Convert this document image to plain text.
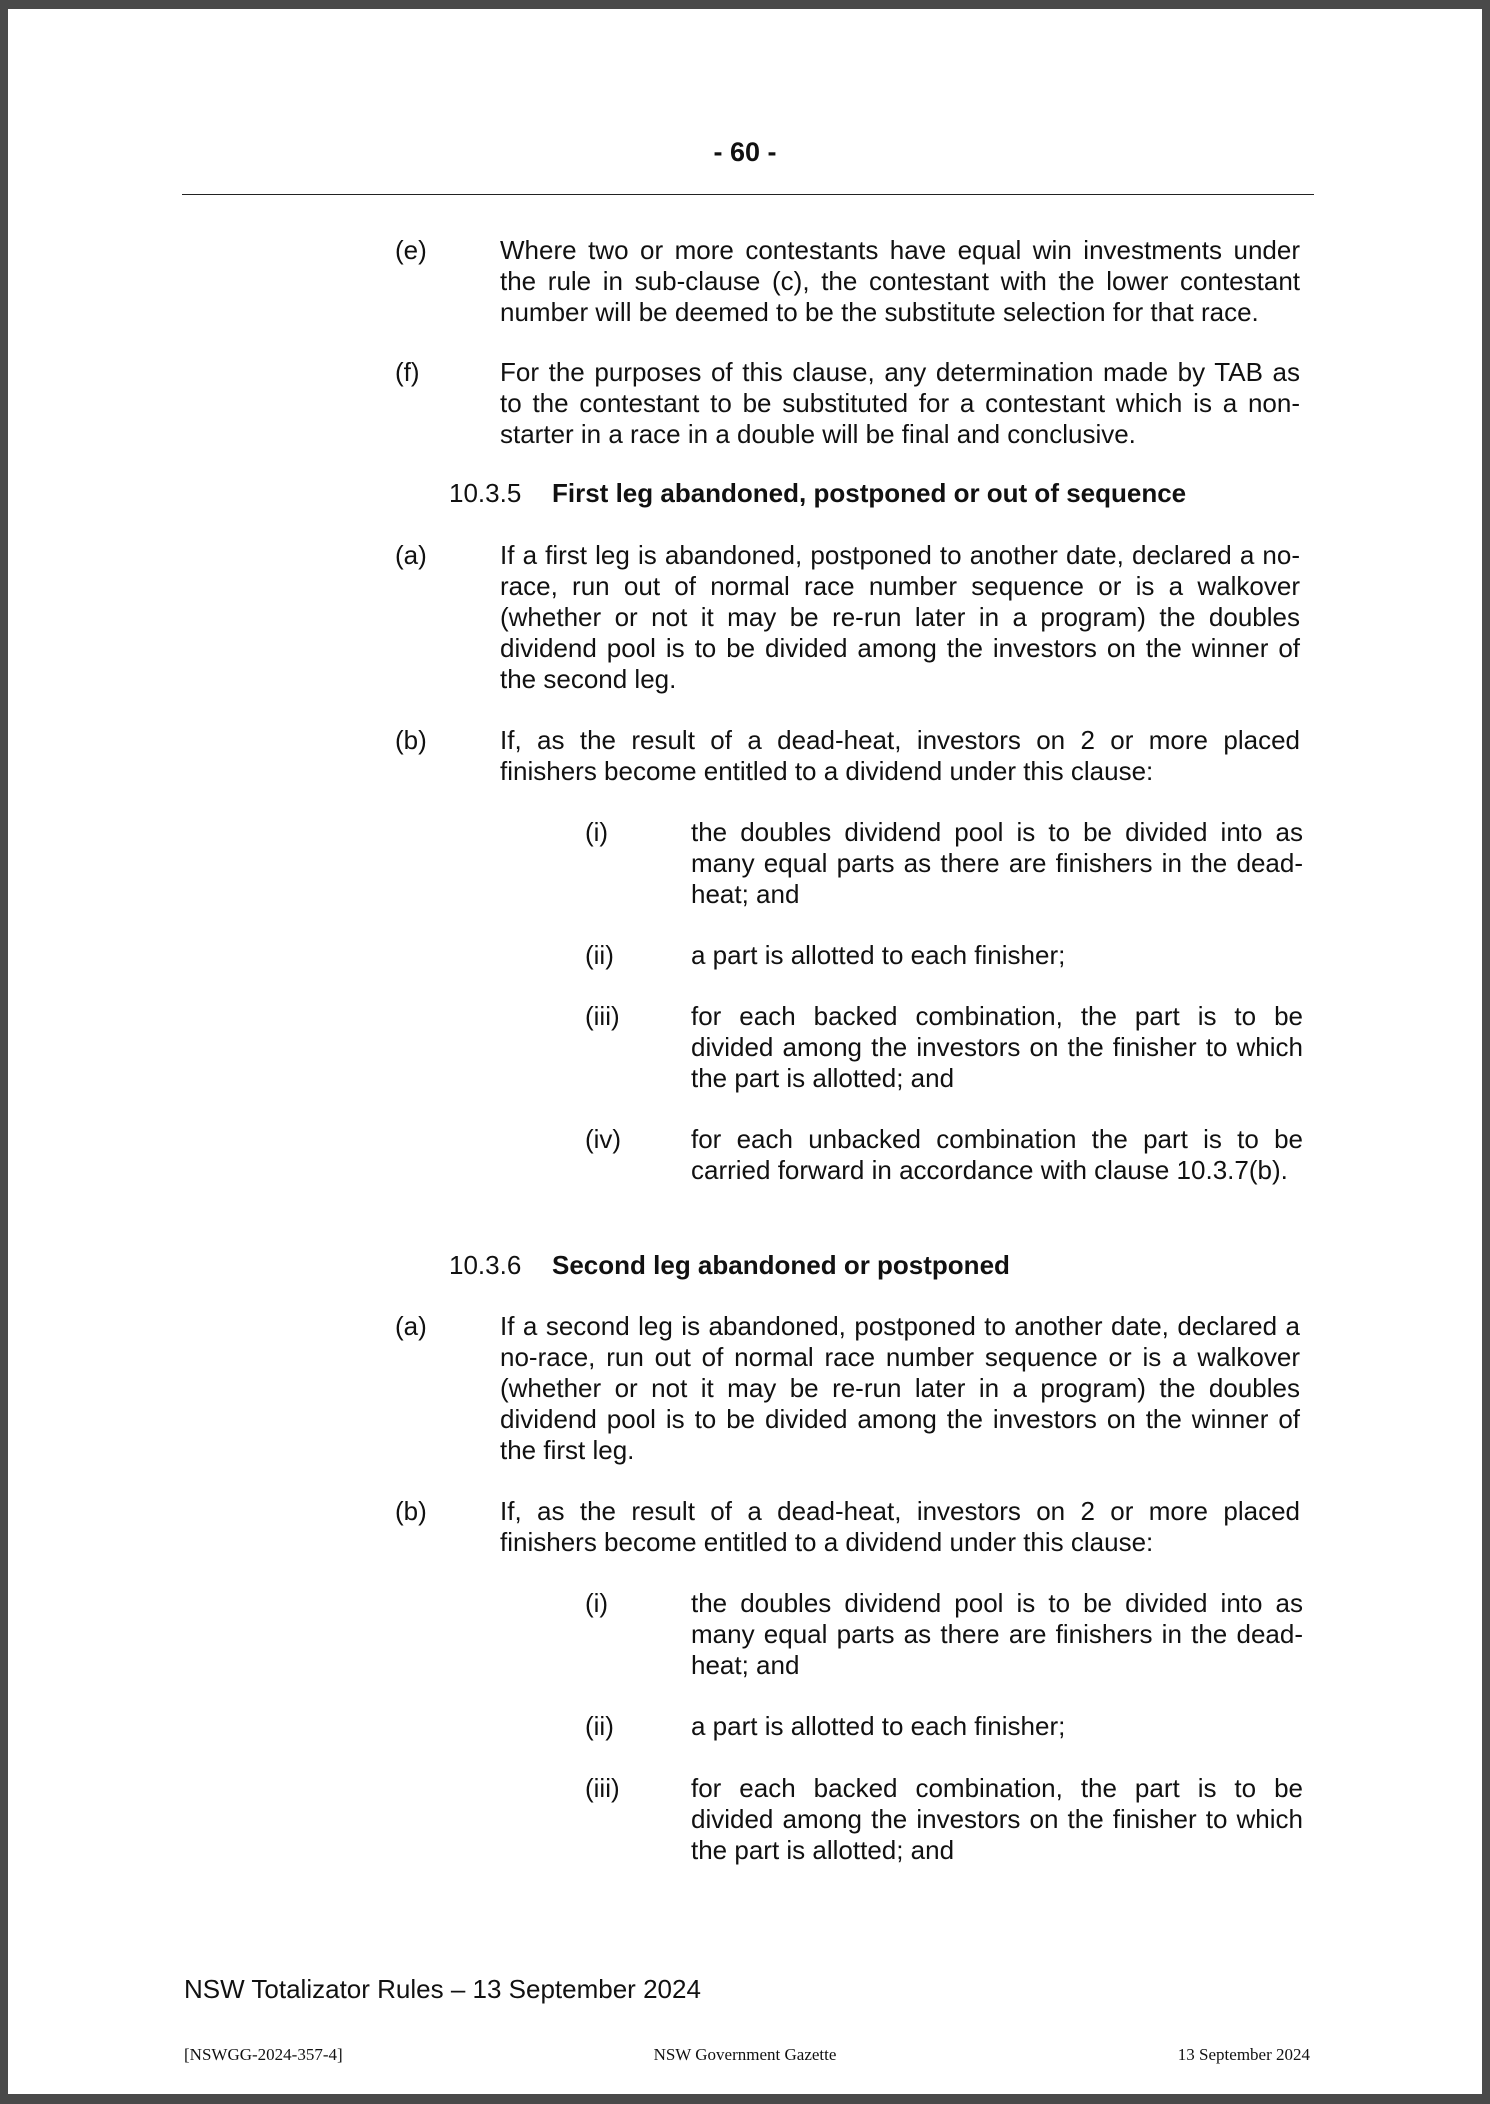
- 60 -
(e)	Where two or more contestants have equal win investments under the rule in sub-clause (c), the contestant with the lower contestant number will be deemed to be the substitute selection for that race.
(f)	For the purposes of this clause, any determination made by TAB as to the contestant to be substituted for a contestant which is a non-starter in a race in a double will be final and conclusive.
10.3.5 First leg abandoned, postponed or out of sequence
(a)	If a first leg is abandoned, postponed to another date, declared a no-race, run out of normal race number sequence or is a walkover (whether or not it may be re-run later in a program) the doubles dividend pool is to be divided among the investors on the winner of the second leg.
(b)	If, as the result of a dead-heat, investors on 2 or more placed finishers become entitled to a dividend under this clause:
(i)	the doubles dividend pool is to be divided into as many equal parts as there are finishers in the dead-heat; and
(ii)	a part is allotted to each finisher;
(iii)	for each backed combination, the part is to be divided among the investors on the finisher to which the part is allotted; and
(iv)	for each unbacked combination the part is to be carried forward in accordance with clause 10.3.7(b).
10.3.6 Second leg abandoned or postponed
(a)	If a second leg is abandoned, postponed to another date, declared a no-race, run out of normal race number sequence or is a walkover (whether or not it may be re-run later in a program) the doubles dividend pool is to be divided among the investors on the winner of the first leg.
(b)	If, as the result of a dead-heat, investors on 2 or more placed finishers become entitled to a dividend under this clause:
(i)	the doubles dividend pool is to be divided into as many equal parts as there are finishers in the dead-heat; and
(ii)	a part is allotted to each finisher;
(iii)	for each backed combination, the part is to be divided among the investors on the finisher to which the part is allotted; and
NSW Totalizator Rules – 13 September 2024
[NSWGG-2024-357-4]	NSW Government Gazette	13 September 2024
